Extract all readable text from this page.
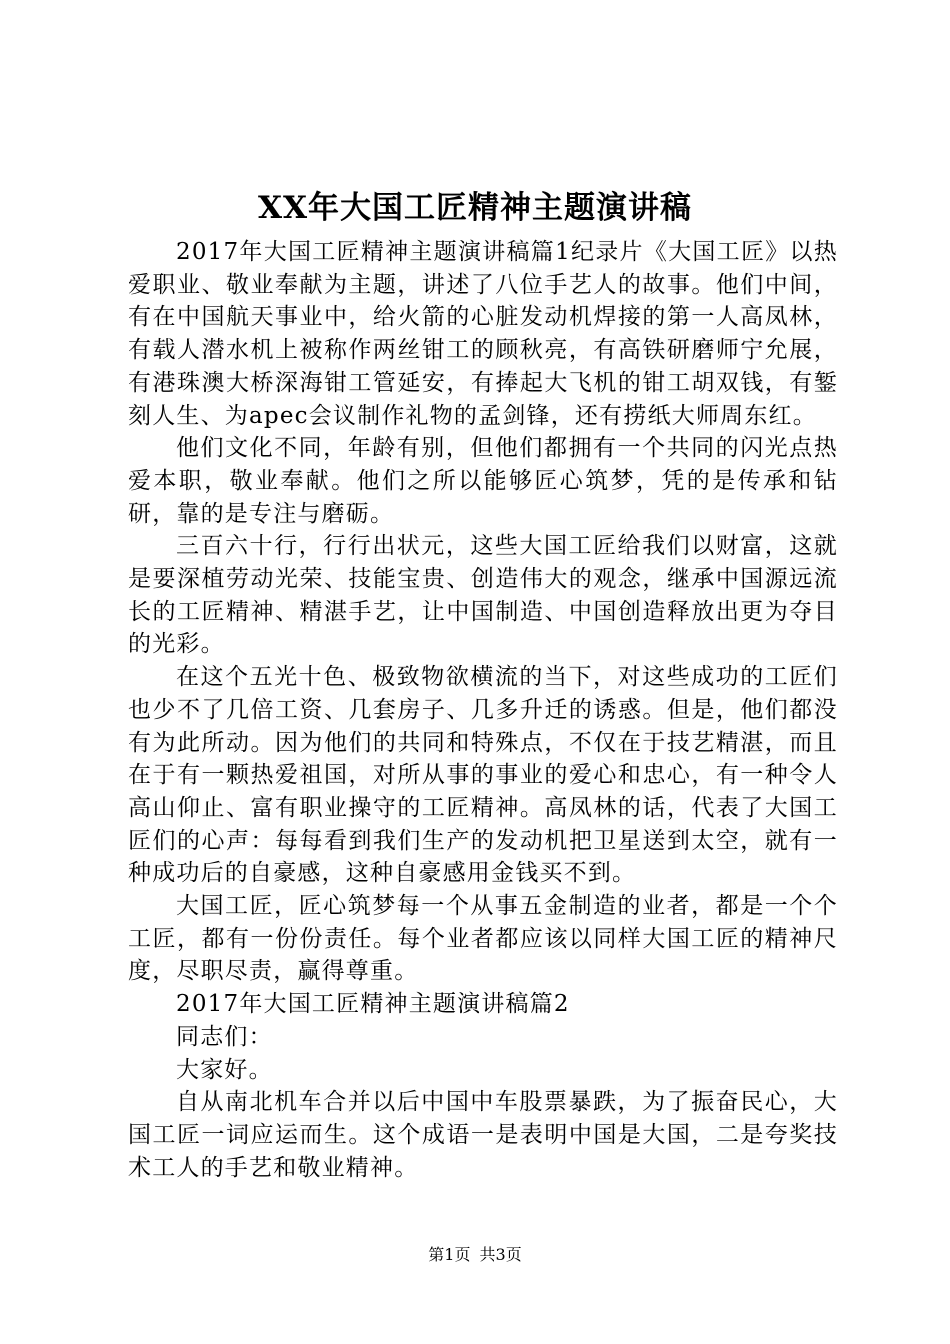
XX年大国工匠精神主题演讲稿

2017年大国工匠精神主题演讲稿篇1纪录片《大国工匠》以热爱职业、敬业奉献为主题，讲述了八位手艺人的故事。他们中间，有在中国航天事业中，给火箭的心脏发动机焊接的第一人高凤林，有载人潜水机上被称作两丝钳工的顾秋亮，有高铁研磨师宁允展，有港珠澳大桥深海钳工管延安，有捧起大飞机的钳工胡双钱，有錾刻人生、为apec会议制作礼物的孟剑锋，还有捞纸大师周东红。

他们文化不同，年龄有别，但他们都拥有一个共同的闪光点热爱本职，敬业奉献。他们之所以能够匠心筑梦，凭的是传承和钻研，靠的是专注与磨砺。

三百六十行，行行出状元，这些大国工匠给我们以财富，这就是要深植劳动光荣、技能宝贵、创造伟大的观念，继承中国源远流长的工匠精神、精湛手艺，让中国制造、中国创造释放出更为夺目的光彩。

在这个五光十色、极致物欲横流的当下，对这些成功的工匠们也少不了几倍工资、几套房子、几多升迁的诱惑。但是，他们都没有为此所动。因为他们的共同和特殊点，不仅在于技艺精湛，而且在于有一颗热爱祖国，对所从事的事业的爱心和忠心，有一种令人高山仰止、富有职业操守的工匠精神。高凤林的话，代表了大国工匠们的心声：每每看到我们生产的发动机把卫星送到太空，就有一种成功后的自豪感，这种自豪感用金钱买不到。

大国工匠，匠心筑梦每一个从事五金制造的业者，都是一个个工匠，都有一份份责任。每个业者都应该以同样大国工匠的精神尺度，尽职尽责，赢得尊重。

2017年大国工匠精神主题演讲稿篇2

同志们：

大家好。

自从南北机车合并以后中国中车股票暴跌，为了振奋民心，大国工匠一词应运而生。这个成语一是表明中国是大国，二是夸奖技术工人的手艺和敬业精神。

第1页 共3页
